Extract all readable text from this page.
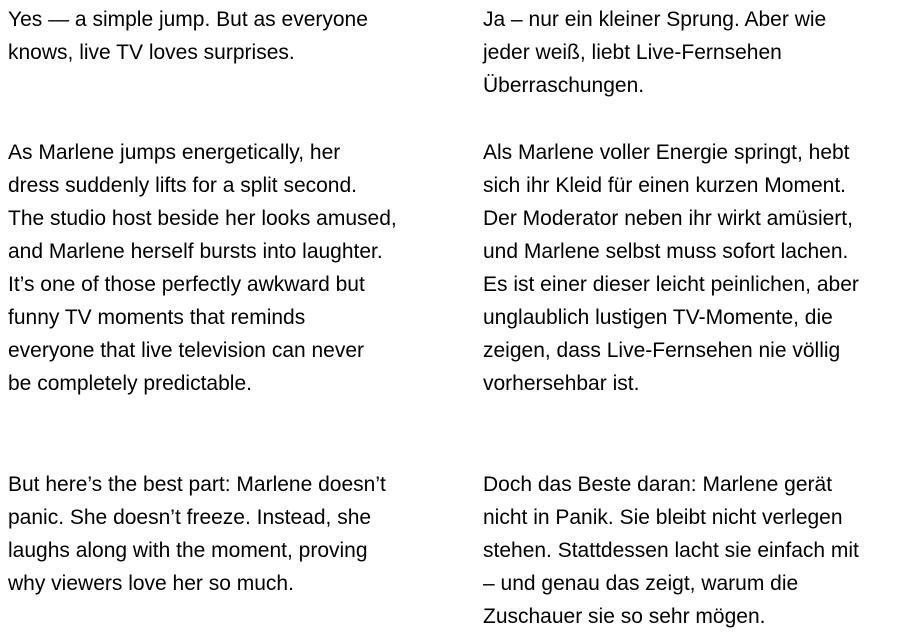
Yes — a simple jump. But as everyone
knows, live TV loves surprises.

As Marlene jumps energetically, her
dress suddenly lifts for a split second.
The studio host beside her looks amused,
and Marlene herself bursts into laughter.
It’s one of those perfectly awkward but
funny TV moments that reminds
everyone that live television can never
be completely predictable.

But here’s the best part: Marlene doesn’t
panic. She doesn’t freeze. Instead, she
laughs along with the moment, proving
why viewers love her so much.

Ja – nur ein kleiner Sprung. Aber wie
jeder weiß, liebt Live-Fernsehen
Überraschungen.

Als Marlene voller Energie springt, hebt
sich ihr Kleid für einen kurzen Moment.
Der Moderator neben ihr wirkt amüsiert,
und Marlene selbst muss sofort lachen.
Es ist einer dieser leicht peinlichen, aber
unglaublich lustigen TV-Momente, die
zeigen, dass Live-Fernsehen nie völlig
vorhersehbar ist.

Doch das Beste daran: Marlene gerät
nicht in Panik. Sie bleibt nicht verlegen
stehen. Stattdessen lacht sie einfach mit
– und genau das zeigt, warum die
Zuschauer sie so sehr mögen.
